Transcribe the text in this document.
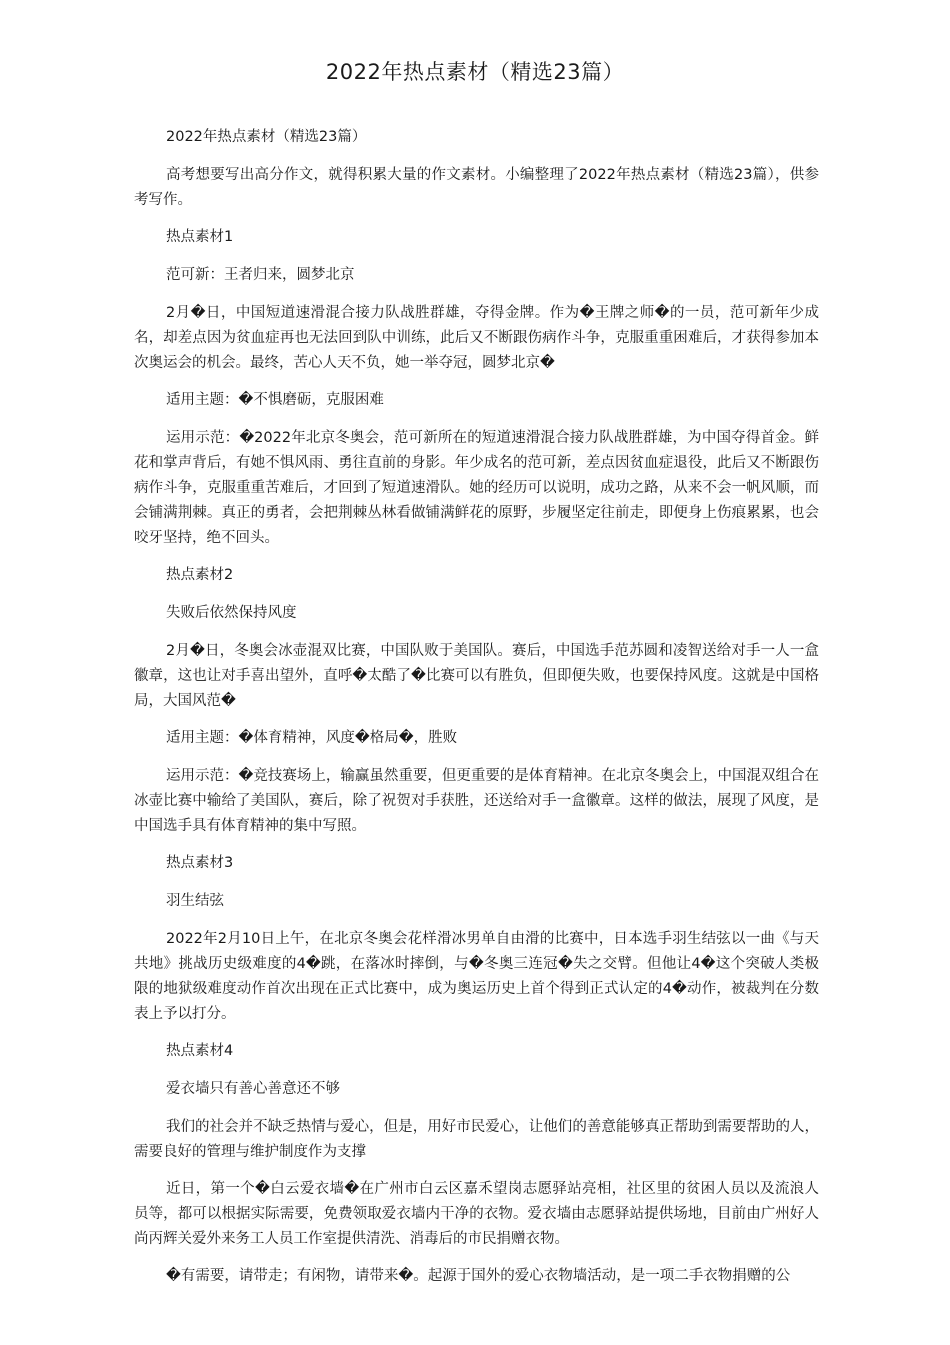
2022年热点素材（精选23篇）

2022年热点素材（精选23篇）

高考想要写出高分作文，就得积累大量的作文素材。小编整理了2022年热点素材（精选23篇），供参考写作。

热点素材1

范可新：王者归来，圆梦北京

2月�日，中国短道速滑混合接力队战胜群雄，夺得金牌。作为�王牌之师�的一员，范可新年少成名，却差点因为贫血症再也无法回到队中训练，此后又不断跟伤病作斗争，克服重重困难后，才获得参加本次奥运会的机会。最终，苦心人天不负，她一举夺冠，圆梦北京�

适用主题：�不惧磨砺，克服困难

运用示范：�2022年北京冬奥会，范可新所在的短道速滑混合接力队战胜群雄，为中国夺得首金。鲜花和掌声背后，有她不惧风雨、勇往直前的身影。年少成名的范可新，差点因贫血症退役，此后又不断跟伤病作斗争，克服重重苦难后，才回到了短道速滑队。她的经历可以说明，成功之路，从来不会一帆风顺，而会铺满荆棘。真正的勇者，会把荆棘丛林看做铺满鲜花的原野，步履坚定往前走，即便身上伤痕累累，也会咬牙坚持，绝不回头。

热点素材2

失败后依然保持风度

2月�日，冬奥会冰壶混双比赛，中国队败于美国队。赛后，中国选手范苏圆和凌智送给对手一人一盒徽章，这也让对手喜出望外，直呼�太酷了�比赛可以有胜负，但即便失败，也要保持风度。这就是中国格局，大国风范�

适用主题：�体育精神，风度�格局�，胜败

运用示范：�竞技赛场上，输赢虽然重要，但更重要的是体育精神。在北京冬奥会上，中国混双组合在冰壶比赛中输给了美国队，赛后，除了祝贺对手获胜，还送给对手一盒徽章。这样的做法，展现了风度，是中国选手具有体育精神的集中写照。

热点素材3

羽生结弦

2022年2月10日上午，在北京冬奥会花样滑冰男单自由滑的比赛中，日本选手羽生结弦以一曲《与天共地》挑战历史级难度的4�跳，在落冰时摔倒，与�冬奥三连冠�失之交臂。但他让4�这个突破人类极限的地狱级难度动作首次出现在正式比赛中，成为奥运历史上首个得到正式认定的4�动作，被裁判在分数表上予以打分。

热点素材4

爱衣墙只有善心善意还不够

我们的社会并不缺乏热情与爱心，但是，用好市民爱心，让他们的善意能够真正帮助到需要帮助的人，需要良好的管理与维护制度作为支撑

近日，第一个�白云爱衣墙�在广州市白云区嘉禾望岗志愿驿站亮相，社区里的贫困人员以及流浪人员等，都可以根据实际需要，免费领取爱衣墙内干净的衣物。爱衣墙由志愿驿站提供场地，目前由广州好人尚丙辉关爱外来务工人员工作室提供清洗、消毒后的市民捐赠衣物。

�有需要，请带走；有闲物，请带来�。起源于国外的爱心衣物墙活动，是一项二手衣物捐赠的公
